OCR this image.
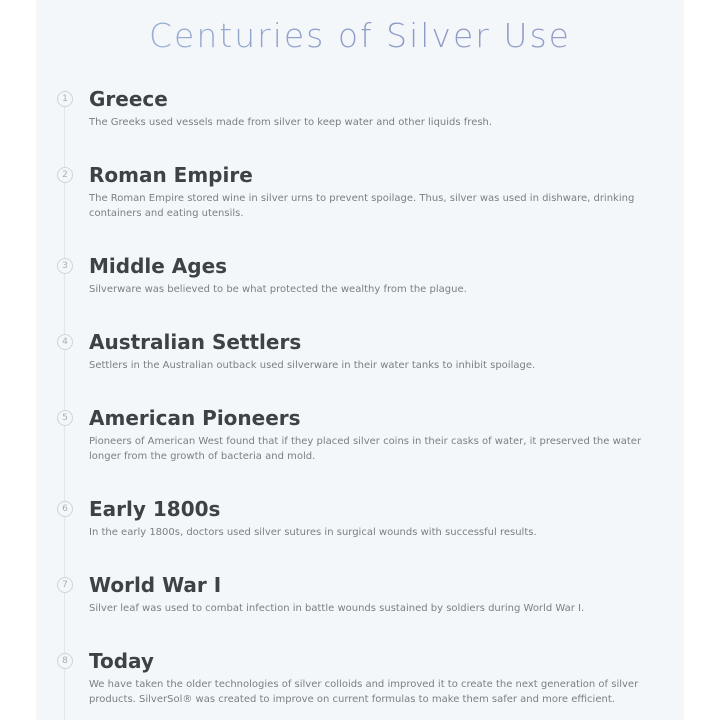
Centuries of Silver Use
1 Greece

The Greeks used vessels made from silver to keep water and other liquids fresh.

2 Roman Empire

The Roman Empire stored wine in silver urns to prevent spoilage. Thus, silver was used in dishware, drinking containers and eating utensils.

3 Middle Ages

Silverware was believed to be what protected the wealthy from the plague.

4 Australian Settlers

Settlers in the Australian outback used silverware in their water tanks to inhibit spoilage.

5 American Pioneers

Pioneers of American West found that if they placed silver coins in their casks of water, it preserved the water longer from the growth of bacteria and mold.

6 Early 1800s

In the early 1800s, doctors used silver sutures in surgical wounds with successful results.

7 World War I

Silver leaf was used to combat infection in battle wounds sustained by soldiers during World War I.

8 Today

We have taken the older technologies of silver colloids and improved it to create the next generation of silver products. SilverSol® was created to improve on current formulas to make them safer and more efficient.
